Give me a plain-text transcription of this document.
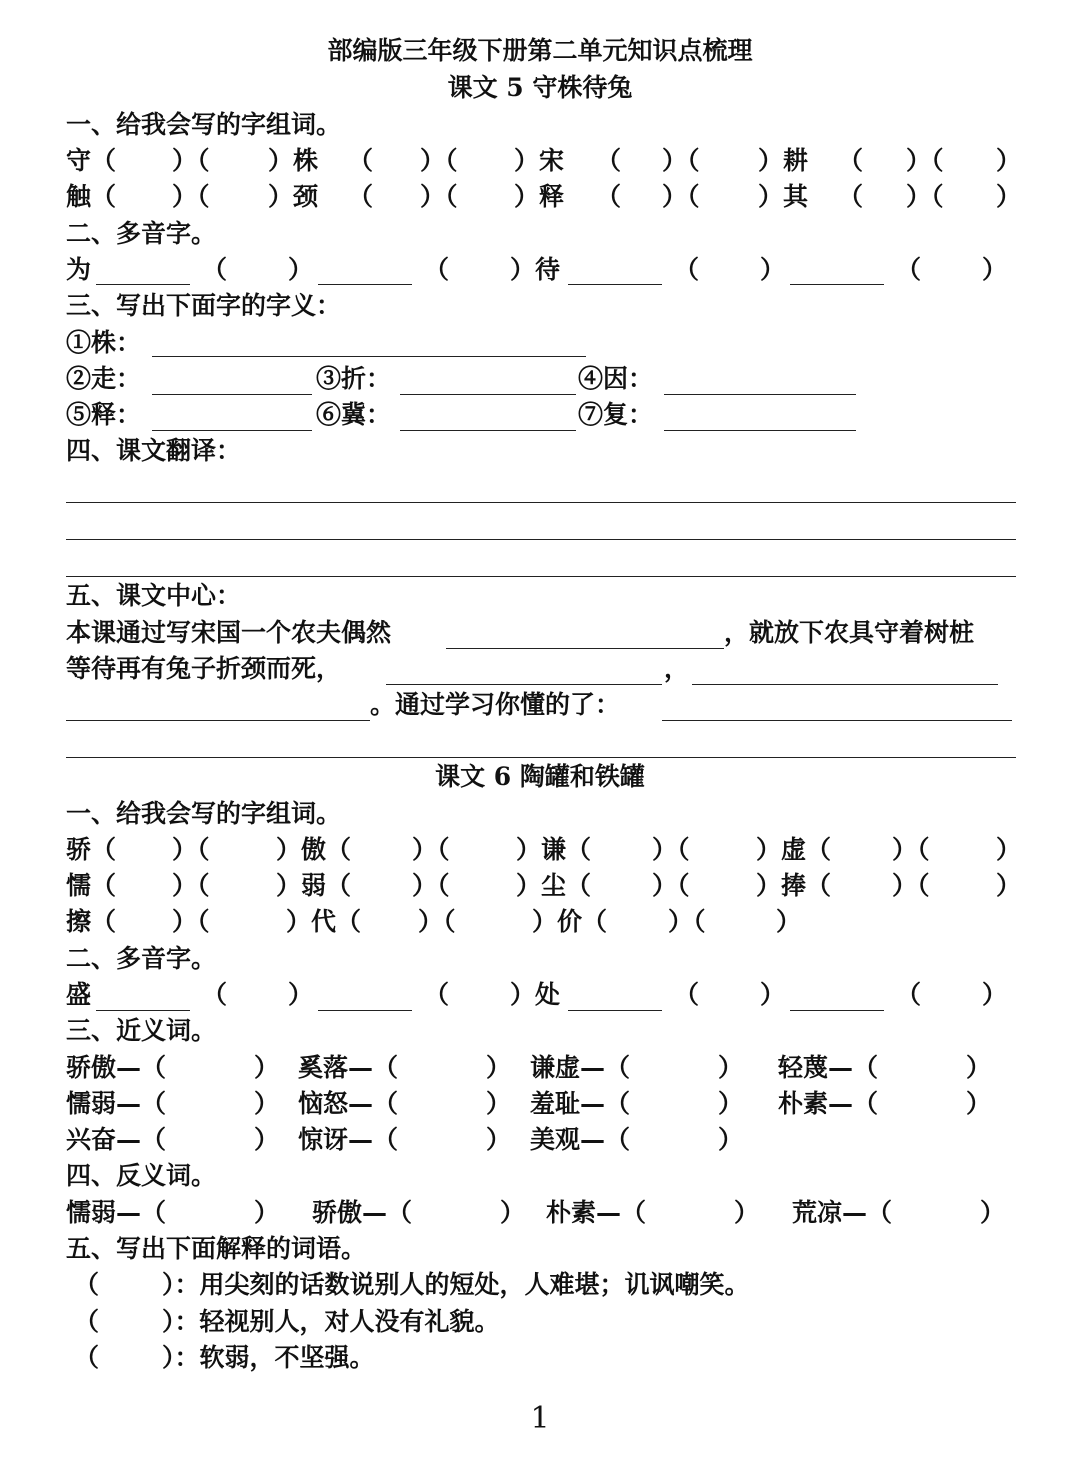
部编版三年级下册第二单元知识点梳理
课文 5 守株待兔
一、给我会写的字组词。
守（ ）（ ）株 （ ）（ ）宋 （ ）（ ）耕 （ ）（ ）
触（ ）（ ）颈 （ ）（ ）释 （ ）（ ）其 （ ）（ ）
二、多音字。
为	（ ）	（ ）待	（ ）	（ ）
三、写出下面字的字义：
①株：
②走：	③折：	④因：
⑤释：	⑥冀：	⑦复：
四、课文翻译：
五、课文中心：
本课通过写宋国一个农夫偶然	，就放下农具守着树桩
等待再有兔子折颈而死，	，
。通过学习你懂的了：
课文 6 陶罐和铁罐
一、给我会写的字组词。
骄（ ）（	）傲（ ）（	）谦（ ）（	）虚（ ）（	）
懦（ ）（	）弱（ ）（	）尘（ ）（	）捧（ ）（	）
擦（ ）（	）代（ ）（	）价（ ）（	）
二、多音字。
盛	（ ）	（ ）处	（ ）	（ ）
三、近义词。
骄傲—（	） 奚落—（	） 谦虚—（	） 轻蔑—（	）
懦弱—（	） 恼怒—（	） 羞耻—（	） 朴素—（	）
兴奋—（	） 惊讶—（	） 美观—（	）
四、反义词。
懦弱—（	） 骄傲—（	） 朴素—（	） 荒凉—（	）
五、写出下面解释的词语。
（	）：用尖刻的话数说别人的短处，人难堪；讥讽嘲笑。
（	）：轻视别人，对人没有礼貌。
（	）：软弱，不坚强。
1
